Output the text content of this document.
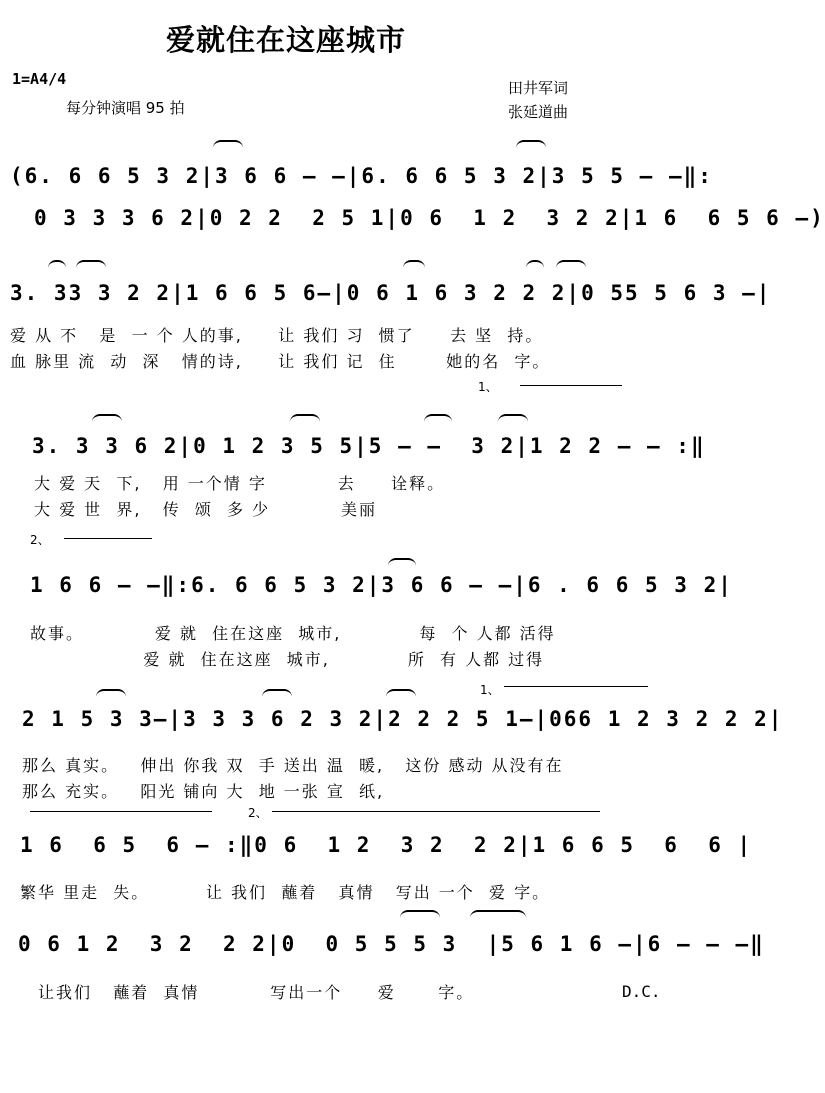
爱就住在这座城市
1=A4/4
每分钟演唱 95 拍
田井军词
张延道曲
(6. 6 6 5 3 2|3 6 6 — —|6. 6 6 5 3 2|3 5 5 — —‖:
0 3 3 3 6 2|0 2 2  2 5 1|0 6  1 2  3 2 2|1 6  6 5 6 —)
3. 33 3 2 2|1 6 6 5 6—|0 6 1 6 3 2 2 2|0 55 5 6 3 —|
爱 从 不   是  一 个 人的事,     让 我们 习  惯了     去 坚  持。
血 脉里 流  动  深   情的诗,     让 我们 记  住       她的名  字。
1、
3. 3 3 6 2|0 1 2 3 5 5|5 — —  3 2|1 2 2 — — :‖
大 爱 天  下,   用 一个情 字          去     诠释。
大 爱 世  界,   传  颂  多 少          美丽
2、
1 6 6 — —‖:6. 6 6 5 3 2|3 6 6 — —|6 . 6 6 5 3 2|
故事。          爱 就  住在这座  城市,           每  个 人都 活得
爱 就  住在这座  城市,           所  有 人都 过得
1、
2 1 5 3 3—|3 3 3 6 2 3 2|2 2 2 5 1—|066 1 2 3 2 2 2|
那么 真实。   伸出 你我 双  手 送出 温  暖,   这份 感动 从没有在
那么 充实。   阳光 铺向 大  地 一张 宣  纸,
2、
1 6  6 5  6 — :‖0 6  1 2  3 2  2 2|1 6 6 5  6  6 |
繁华 里走  失。        让 我们  蘸着   真情   写出 一个  爱 字。
0 6 1 2  3 2  2 2|0  0 5 5 5 3  |5 6 1 6 —|6 — — —‖
让我们   蘸着  真情          写出一个     爱      字。	D.C.
